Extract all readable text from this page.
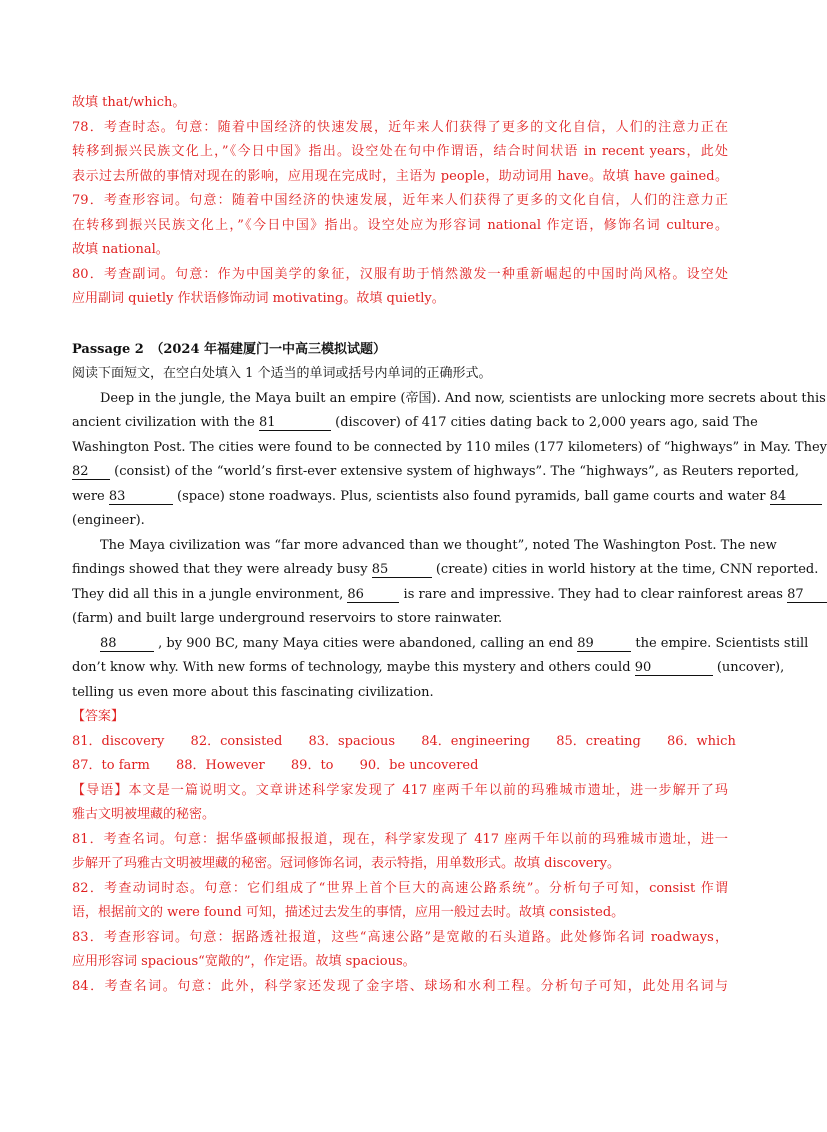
故填 that/which。
78．考查时态。句意：随着中国经济的快速发展，近年来人们获得了更多的文化自信，人们的注意力正在
转移到振兴民族文化上，”《今日中国》指出。设空处在句中作谓语，结合时间状语 in recent years，此处
表示过去所做的事情对现在的影响，应用现在完成时，主语为 people，助动词用 have。故填 have gained。
79．考查形容词。句意：随着中国经济的快速发展，近年来人们获得了更多的文化自信，人们的注意力正
在转移到振兴民族文化上，”《今日中国》指出。设空处应为形容词 national 作定语，修饰名词 culture。
故填 national。
80．考查副词。句意：作为中国美学的象征，汉服有助于悄然激发一种重新崛起的中国时尚风格。设空处
应用副词 quietly 作状语修饰动词 motivating。故填 quietly。
Passage 2　（2024 年福建厦门一中高三模拟试题）
阅读下面短文，在空白处填入 1 个适当的单词或括号内单词的正确形式。
Deep in the jungle, the Maya built an empire (帝国). And now, scientists are unlocking more secrets about this
ancient civilization with the 81	(discover) of 417 cities dating back to 2,000 years ago, said The
Washington Post. The cities were found to be connected by 110 miles (177 kilometers) of “highways” in May. They
82 (consist) of the “world’s first-ever extensive system of highways”. The “highways”, as Reuters reported,
were 83	(space) stone roadways. Plus, scientists also found pyramids, ball game courts and water 84
(engineer).
The Maya civilization was “far more advanced than we thought”, noted The Washington Post. The new
findings showed that they were already busy 85	(create) cities in world history at the time, CNN reported.
They did all this in a jungle environment, 86	is rare and impressive. They had to clear rainforest areas 87
(farm) and built large underground reservoirs to store rainwater.
88	, by 900 BC, many Maya cities were abandoned, calling an end 89	the empire. Scientists still
don’t know why. With new forms of technology, maybe this mystery and others could 90	(uncover),
telling us even more about this fascinating civilization.
【答案】
81．discovery 82．consisted 83．spacious 84．engineering 85．creating 86．which
87．to farm 88．However 89．to 90．be uncovered
【导语】本文是一篇说明文。文章讲述科学家发现了 417 座两千年以前的玛雅城市遗址，进一步解开了玛
雅古文明被埋藏的秘密。
81．考查名词。句意：据华盛顿邮报报道，现在，科学家发现了 417 座两千年以前的玛雅城市遗址，进一
步解开了玛雅古文明被埋藏的秘密。冠词修饰名词，表示特指，用单数形式。故填 discovery。
82．考查动词时态。句意：它们组成了“世界上首个巨大的高速公路系统”。分析句子可知，consist 作谓
语，根据前文的 were found 可知，描述过去发生的事情，应用一般过去时。故填 consisted。
83．考查形容词。句意：据路透社报道，这些“高速公路”是宽敞的石头道路。此处修饰名词 roadways，
应用形容词 spacious“宽敞的”，作定语。故填 spacious。
84．考查名词。句意：此外，科学家还发现了金字塔、球场和水利工程。分析句子可知，此处用名词与
